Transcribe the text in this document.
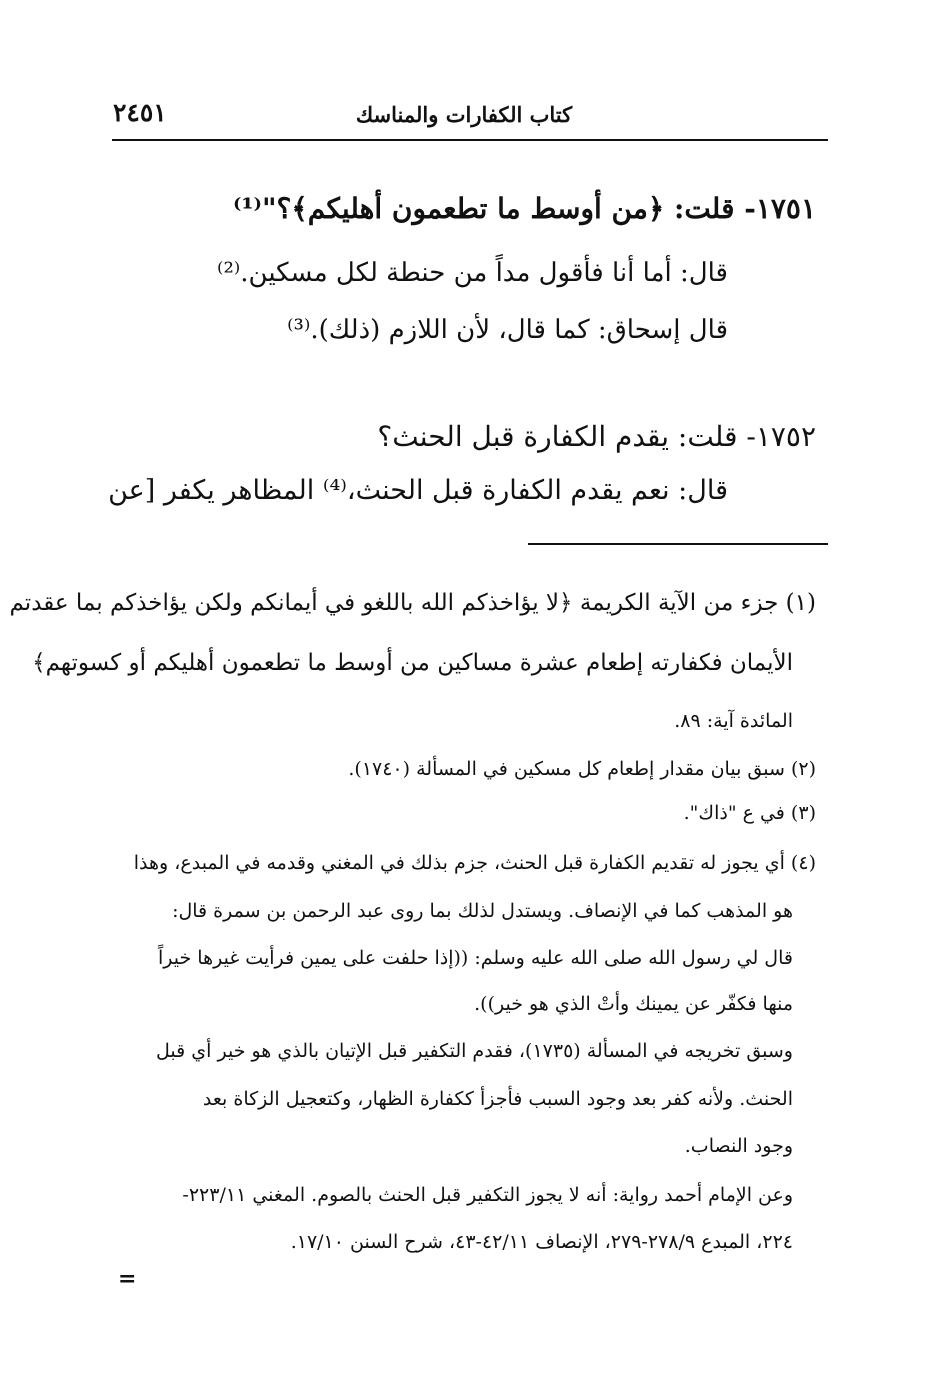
٢٤٥١	كتاب الكفارات والمناسك
١٧٥١- قلت: ﴿من أوسط ما تطعمون أهليكم﴾؟"⁽¹⁾
قال: أما أنا فأقول مداً من حنطة لكل مسكين.⁽²⁾
قال إسحاق: كما قال، لأن اللازم (ذلك).⁽³⁾
١٧٥٢- قلت: يقدم الكفارة قبل الحنث؟
قال: نعم يقدم الكفارة قبل الحنث،⁽⁴⁾ المظاهر يكفر [عن
(١) جزء من الآية الكريمة ﴿لا يؤاخذكم الله باللغو في أيمانكم ولكن يؤاخذكم بما عقدتم
الأيمان فكفارته إطعام عشرة مساكين من أوسط ما تطعمون أهليكم أو كسوتهم﴾
المائدة آية: ٨٩.
(٢) سبق بيان مقدار إطعام كل مسكين في المسألة (١٧٤٠).
(٣) في ع "ذاك".
(٤) أي يجوز له تقديم الكفارة قبل الحنث، جزم بذلك في المغني وقدمه في المبدع، وهذا
هو المذهب كما في الإنصاف. ويستدل لذلك بما روى عبد الرحمن بن سمرة قال:
قال لي رسول الله صلى الله عليه وسلم: ((إذا حلفت على يمين فرأيت غيرها خيراً
منها فكفّر عن يمينك وأتْ الذي هو خير)).
وسبق تخريجه في المسألة (١٧٣٥)، فقدم التكفير قبل الإتيان بالذي هو خير أي قبل
الحنث. ولأنه كفر بعد وجود السبب فأجزأ ككفارة الظهار، وكتعجيل الزكاة بعد
وجود النصاب.
وعن الإمام أحمد رواية: أنه لا يجوز التكفير قبل الحنث بالصوم. المغني ٢٢٣/١١-
٢٢٤، المبدع ٢٧٨/٩-٢٧٩، الإنصاف ٤٢/١١-٤٣، شرح السنن ١٧/١٠.
=
